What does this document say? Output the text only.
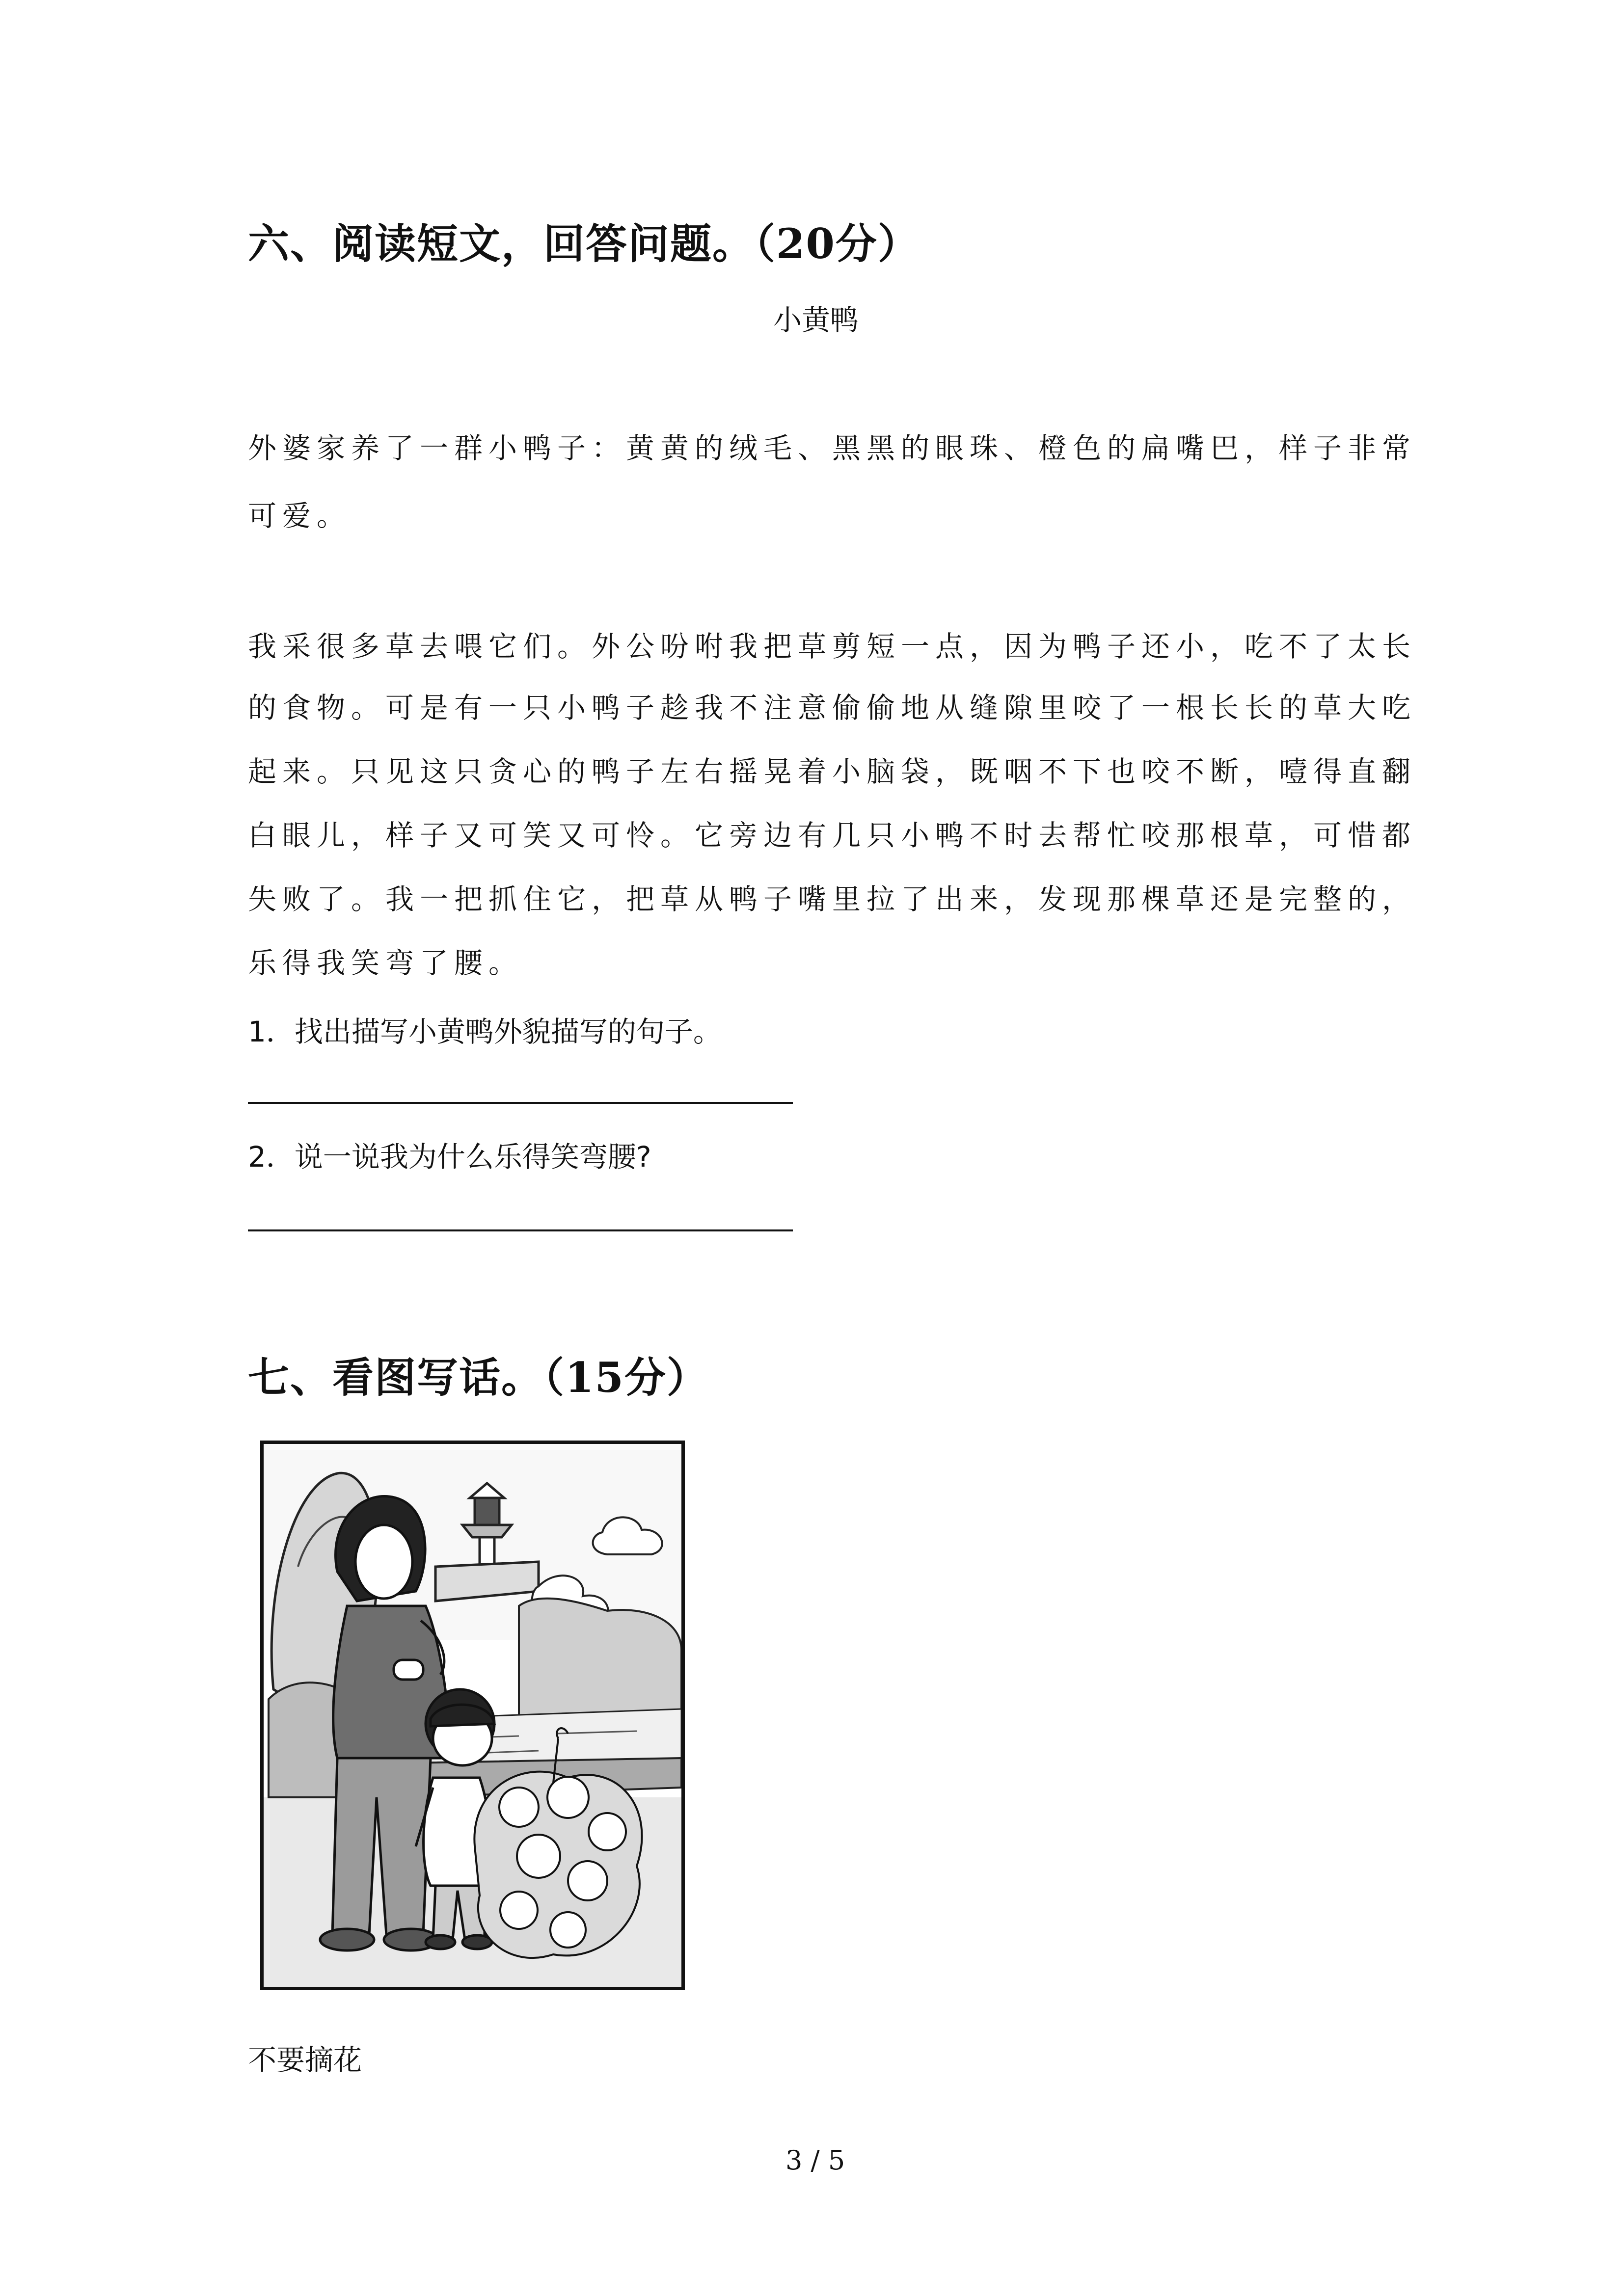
六、阅读短文，回答问题。（20分）
小黄鸭
外婆家养了一群小鸭子：黄黄的绒毛、黑黑的眼珠、橙色的扁嘴巴，样子非常
可爱。
我采很多草去喂它们。外公吩咐我把草剪短一点，因为鸭子还小，吃不了太长
的食物。可是有一只小鸭子趁我不注意偷偷地从缝隙里咬了一根长长的草大吃
起来。只见这只贪心的鸭子左右摇晃着小脑袋，既咽不下也咬不断，噎得直翻
白眼儿，样子又可笑又可怜。它旁边有几只小鸭不时去帮忙咬那根草，可惜都
失败了。我一把抓住它，把草从鸭子嘴里拉了出来，发现那棵草还是完整的，
乐得我笑弯了腰。
1．找出描写小黄鸭外貌描写的句子。
2．说一说我为什么乐得笑弯腰?
七、看图写话。（15分）
不要摘花
3 / 5
